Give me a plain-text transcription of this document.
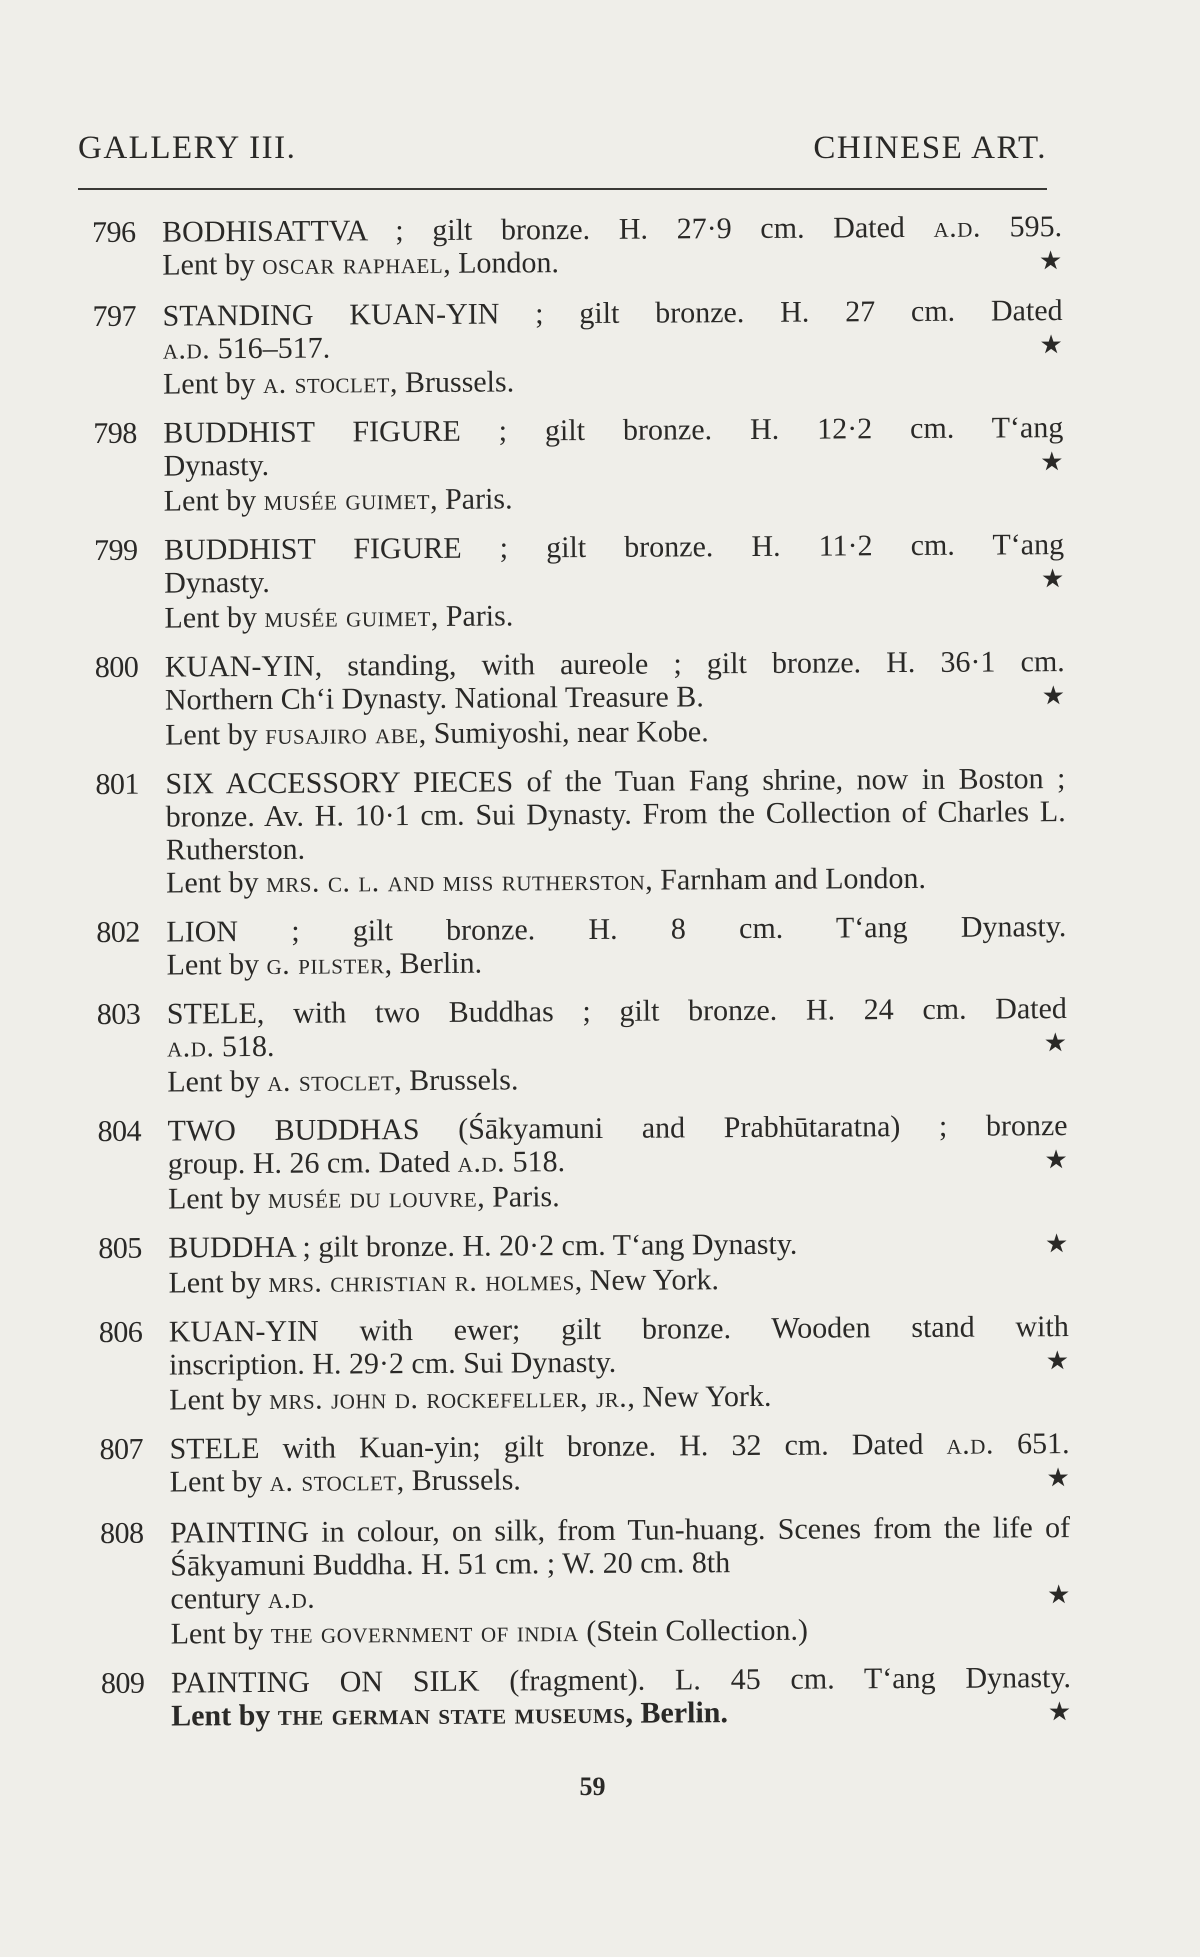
GALLERY III.	CHINESE ART.
796 BODHISATTVA ; gilt bronze. H. 27·9 cm. Dated a.d. 595.
Lent by oscar raphael, London.	★
797 STANDING KUAN-YIN ; gilt bronze. H. 27 cm. Dated
a.d. 516–517.	★
Lent by a. stoclet, Brussels.
798 BUDDHIST FIGURE ; gilt bronze. H. 12·2 cm. T‘ang
Dynasty.	★
Lent by musée guimet, Paris.
799 BUDDHIST FIGURE ; gilt bronze. H. 11·2 cm. T‘ang
Dynasty.	★
Lent by musée guimet, Paris.
800 KUAN-YIN, standing, with aureole ; gilt bronze. H. 36·1 cm.
Northern Ch‘i Dynasty. National Treasure B.	★
Lent by fusajiro abe, Sumiyoshi, near Kobe.
801 SIX ACCESSORY PIECES of the Tuan Fang shrine, now in Boston ; bronze. Av. H. 10·1 cm. Sui Dynasty. From the Collection of Charles L. Rutherston.
Lent by mrs. c. l. and miss rutherston, Farnham and London.
802 LION ; gilt bronze. H. 8 cm. T‘ang Dynasty.
Lent by g. pilster, Berlin.
803 STELE, with two Buddhas ; gilt bronze. H. 24 cm. Dated
a.d. 518.	★
Lent by a. stoclet, Brussels.
804 TWO BUDDHAS (Śākyamuni and Prabhūtaratna) ; bronze
group. H. 26 cm. Dated a.d. 518.	★
Lent by musée du louvre, Paris.
805 BUDDHA ; gilt bronze. H. 20·2 cm. T‘ang Dynasty.	★
Lent by mrs. christian r. holmes, New York.
806 KUAN-YIN with ewer; gilt bronze. Wooden stand with
inscription. H. 29·2 cm. Sui Dynasty.	★
Lent by mrs. john d. rockefeller, jr., New York.
807 STELE with Kuan-yin; gilt bronze. H. 32 cm. Dated a.d. 651.
Lent by a. stoclet, Brussels.	★
808 PAINTING in colour, on silk, from Tun-huang. Scenes from the life of Śākyamuni Buddha. H. 51 cm. ; W. 20 cm. 8th
century a.d.	★
Lent by the government of india (Stein Collection.)
809 PAINTING ON SILK (fragment). L. 45 cm. T‘ang Dynasty.
Lent by the german state museums, Berlin.	★
59
